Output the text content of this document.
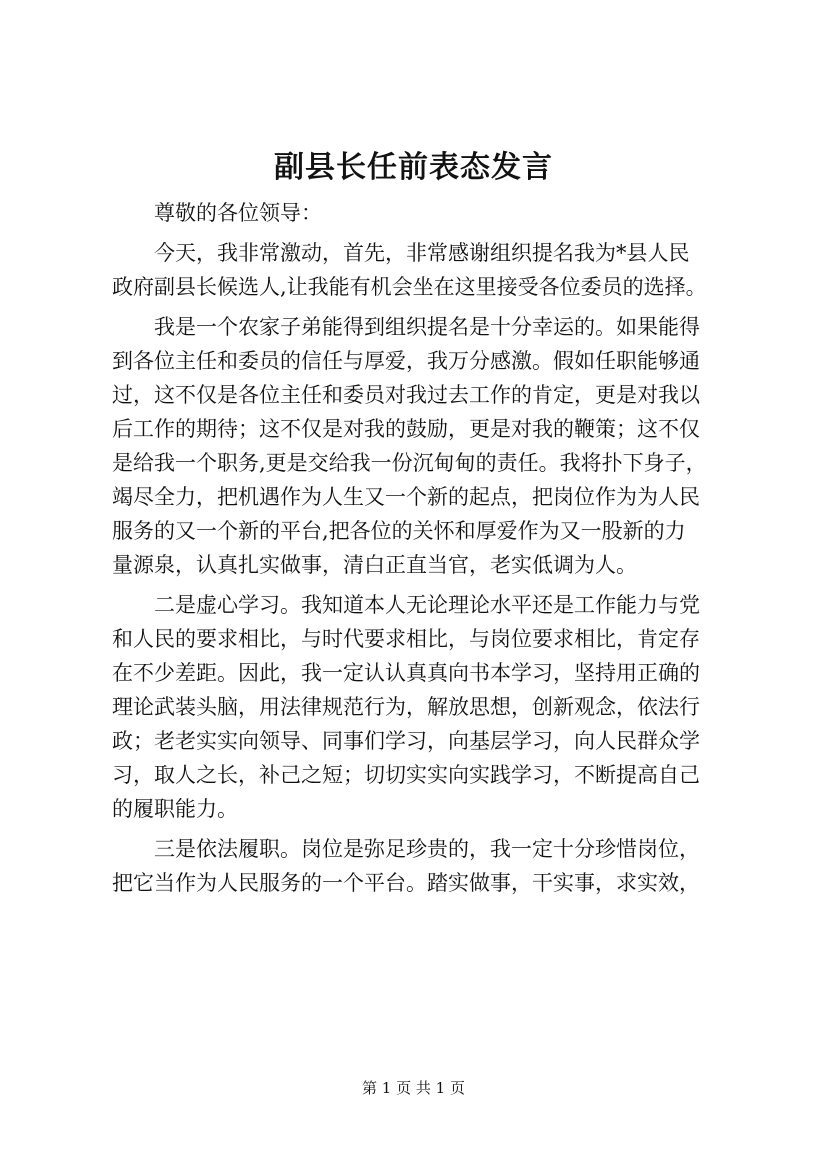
副县长任前表态发言
尊敬的各位领导：
今天，我非常激动，首先，非常感谢组织提名我为*县人民
政府副县长候选人,让我能有机会坐在这里接受各位委员的选择。
我是一个农家子弟能得到组织提名是十分幸运的。如果能得
到各位主任和委员的信任与厚爱，我万分感激。假如任职能够通
过，这不仅是各位主任和委员对我过去工作的肯定，更是对我以
后工作的期待；这不仅是对我的鼓励，更是对我的鞭策；这不仅
是给我一个职务,更是交给我一份沉甸甸的责任。我将扑下身子，
竭尽全力，把机遇作为人生又一个新的起点，把岗位作为为人民
服务的又一个新的平台,把各位的关怀和厚爱作为又一股新的力
量源泉，认真扎实做事，清白正直当官，老实低调为人。
二是虚心学习。我知道本人无论理论水平还是工作能力与党
和人民的要求相比，与时代要求相比，与岗位要求相比，肯定存
在不少差距。因此，我一定认认真真向书本学习，坚持用正确的
理论武装头脑，用法律规范行为，解放思想，创新观念，依法行
政；老老实实向领导、同事们学习，向基层学习，向人民群众学
习，取人之长，补己之短；切切实实向实践学习，不断提高自己
的履职能力。
三是依法履职。岗位是弥足珍贵的，我一定十分珍惜岗位，
把它当作为人民服务的一个平台。踏实做事，干实事，求实效，
第 1 页 共 1 页
